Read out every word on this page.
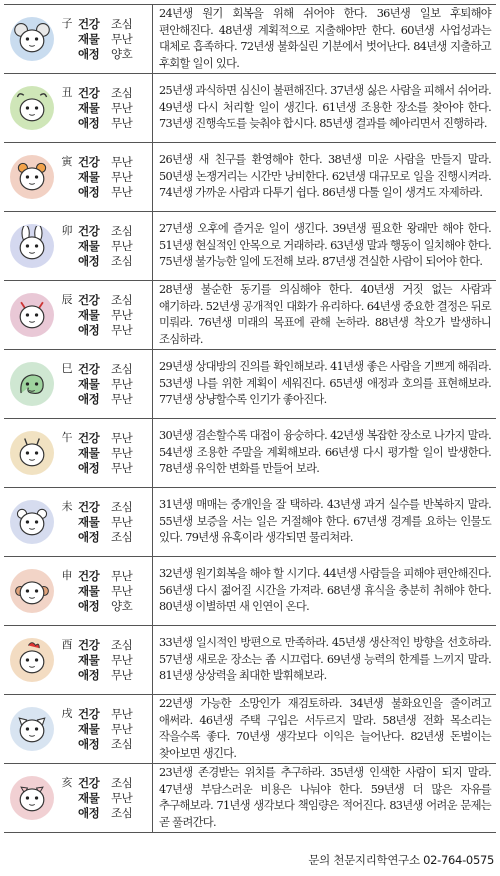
子 건강	조심
재물	무난
애정	양호
24년생 원기 회복을 위해 쉬어야 한다. 36년생 일보 후퇴해야 편안해진다. 48년생 계획적으로 지출해야만 한다. 60년생 사업성과는 대체로 흡족하다. 72년생 불화실린 기분에서 벗어난다. 84년생 지출하고 후회할 일이 있다.
丑 건강	조심
재물	무난
애정	무난
25년생 과식하면 심신이 불편해진다. 37년생 싫은 사람을 피해서 쉬어라. 49년생 다시 처리할 일이 생긴다. 61년생 조용한 장소를 찾아야 한다. 73년생 진행속도를 늦춰야 합시다. 85년생 결과를 헤아리면서 진행하라.
寅 건강	무난
재물	무난
애정	무난
26년생 새 친구를 환영해야 한다. 38년생 미운 사람을 만들지 말라. 50년생 논쟁거리는 시간만 낭비한다. 62년생 대규모로 일을 진행시켜라. 74년생 가까운 사람과 다투기 쉽다. 86년생 다툴 일이 생겨도 자제하라.
卯 건강	조심
재물	무난
애정	조심
27년생 오후에 즐거운 일이 생긴다. 39년생 필요한 왕래만 해야 한다. 51년생 현실적인 안목으로 거래하라. 63년생 말과 행동이 일치해야 한다. 75년생 불가능한 일에 도전해 보라. 87년생 견실한 사람이 되어야 한다.
辰 건강	조심
재물	무난
애정	무난
28년생 불순한 동기를 의심해야 한다. 40년생 거짓 없는 사람과 얘기하라. 52년생 공개적인 대화가 유리하다. 64년생 중요한 결정은 뒤로 미뤄라. 76년생 미래의 목표에 관해 논하라. 88년생 착오가 발생하니 조심하라.
巳 건강	조심
재물	무난
애정	무난
29년생 상대방의 진의를 확인해보라. 41년생 좋은 사람을 기쁘게 해줘라. 53년생 나를 위한 계획이 세워진다. 65년생 애정과 호의를 표현해보라. 77년생 상냥할수록 인기가 좋아진다.
午 건강	무난
재물	무난
애정	무난
30년생 겸손할수록 대접이 융숭하다. 42년생 복잡한 장소로 나가지 말라. 54년생 조용한 주말을 계획해보라. 66년생 다시 평가할 일이 발생한다. 78년생 유익한 변화를 만들어 보라.
未 건강	조심
재물	무난
애정	조심
31년생 매매는 중개인을 잘 택하라. 43년생 과거 실수를 반복하지 말라. 55년생 보증을 서는 일은 거절해야 한다. 67년생 경계를 요하는 인물도 있다. 79년생 유혹이라 생각되면 물리쳐라.
申 건강	무난
재물	무난
애정	양호
32년생 원기회복을 해야 할 시기다. 44년생 사람들을 피해야 편안해진다. 56년생 다시 젊어질 시간을 가져라. 68년생 휴식을 충분히 취해야 한다. 80년생 이별하면 새 인연이 온다.
酉 건강	조심
재물	무난
애정	무난
33년생 일시적인 방편으로 만족하라. 45년생 생산적인 방향을 선호하라. 57년생 새로운 장소는 좀 시끄럽다. 69년생 능력의 한계를 느끼지 말라. 81년생 상상력을 최대한 발휘해보라.
戌 건강	무난
재물	무난
애정	조심
22년생 가능한 소망인가 재검토하라. 34년생 불화요인을 줄이려고 애써라. 46년생 주택 구입은 서두르지 말라. 58년생 전화 목소리는 작을수록 좋다. 70년생 생각보다 이익은 늘어난다. 82년생 돈벌이는 찾아보면 생긴다.
亥 건강	조심
재물	무난
애정	조심
23년생 존경받는 위치를 추구하라. 35년생 인색한 사람이 되지 말라. 47년생 부담스러운 비용은 나눠야 한다. 59년생 더 많은 자유를 추구해보라. 71년생 생각보다 책임량은 적어진다. 83년생 어려운 문제는 곧 풀려간다.
문의 천문지리학연구소 02-764-0575
